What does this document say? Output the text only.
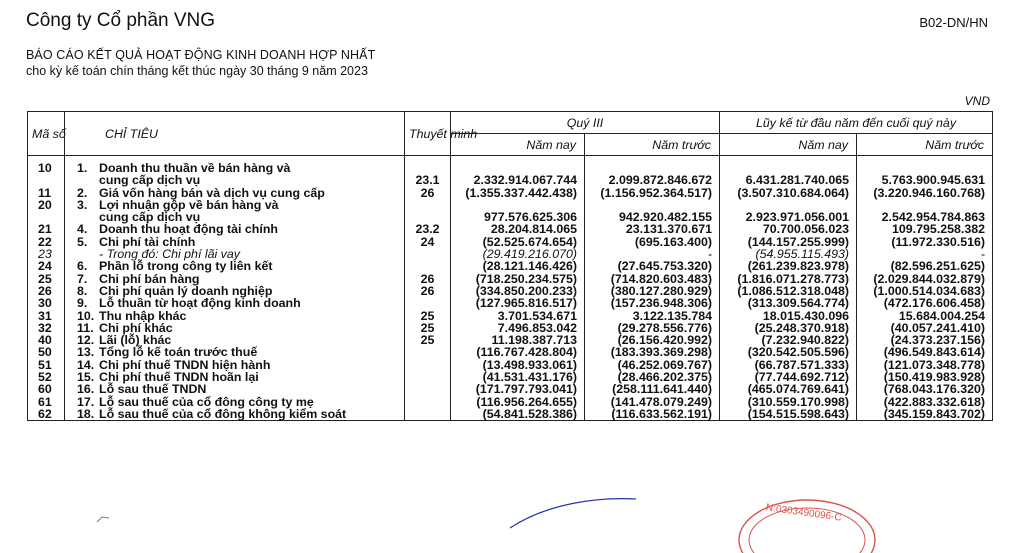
Công ty Cổ phần VNG	B02-DN/HN
BÁO CÁO KẾT QUẢ HOẠT ĐỘNG KINH DOANH HỢP NHẤT
cho kỳ kế toán chín tháng kết thúc ngày 30 tháng 9 năm 2023
VND
Mã số	CHỈ TIÊU	Thuyết minh	Quý III		Lũy kế từ đầu năm đến cuối quý này	
			Năm nay	Năm trước	Năm nay	Năm trước
10	1. Doanh thu thuần về bán hàng và					
	cung cấp dịch vụ	23.1	2.332.914.067.744	2.099.872.846.672	6.431.281.740.065	5.763.900.945.631
11	2. Giá vốn hàng bán và dịch vụ cung cấp	26	(1.355.337.442.438)	(1.156.952.364.517)	(3.507.310.684.064)	(3.220.946.160.768)
20	3. Lợi nhuận gộp về bán hàng và					
	cung cấp dịch vụ		977.576.625.306	942.920.482.155	2.923.971.056.001	2.542.954.784.863
21	4. Doanh thu hoạt động tài chính	23.2	28.204.814.065	23.131.370.671	70.700.056.023	109.795.258.382
22	5. Chi phí tài chính	24	(52.525.674.654)	(695.163.400)	(144.157.255.999)	(11.972.330.516)
23	- Trong đó: Chi phí lãi vay		(29.419.216.070)	-	(54.955.115.493)	-
24	6. Phần lỗ trong công ty liên kết		(28.121.146.426)	(27.645.753.320)	(261.239.823.978)	(82.596.251.625)
25	7. Chi phí bán hàng	26	(718.250.234.575)	(714.820.603.483)	(1.816.071.278.773)	(2.029.844.032.879)
26	8. Chi phí quản lý doanh nghiệp	26	(334.850.200.233)	(380.127.280.929)	(1.086.512.318.048)	(1.000.514.034.683)
30	9. Lỗ thuần từ hoạt động kinh doanh		(127.965.816.517)	(157.236.948.306)	(313.309.564.774)	(472.176.606.458)
31	10. Thu nhập khác	25	3.701.534.671	3.122.135.784	18.015.430.096	15.684.004.254
32	11. Chi phí khác	25	7.496.853.042	(29.278.556.776)	(25.248.370.918)	(40.057.241.410)
40	12. Lãi (lỗ) khác	25	11.198.387.713	(26.156.420.992)	(7.232.940.822)	(24.373.237.156)
50	13. Tổng lỗ kế toán trước thuế		(116.767.428.804)	(183.393.369.298)	(320.542.505.596)	(496.549.843.614)
51	14. Chi phí thuế TNDN hiện hành		(13.498.933.061)	(46.252.069.767)	(66.787.571.333)	(121.073.348.778)
52	15. Chi phí thuế TNDN hoãn lại		(41.531.431.176)	(28.466.202.375)	(77.744.692.712)	(150.419.983.928)
60	16. Lỗ sau thuế TNDN		(171.797.793.041)	(258.111.641.440)	(465.074.769.641)	(768.043.176.320)
61	17. Lỗ sau thuế của cổ đông công ty mẹ		(116.956.264.655)	(141.478.079.249)	(310.559.170.998)	(422.883.332.618)
62	18. Lỗ sau thuế của cổ đông không kiểm soát		(54.841.528.386)	(116.633.562.191)	(154.515.598.643)	(345.159.843.702)
N:0303490096-C
